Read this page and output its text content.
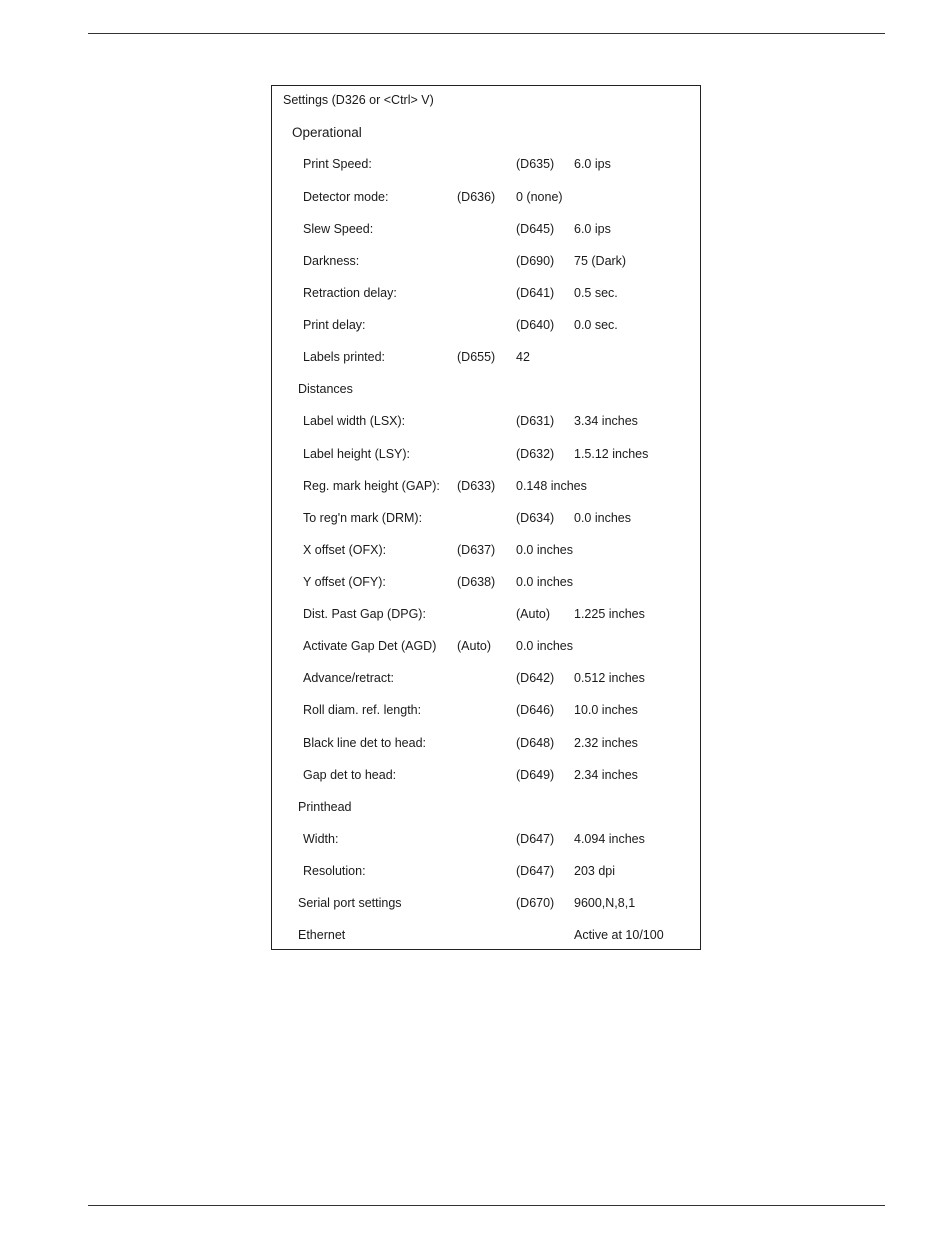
Settings (D326 or <Ctrl> V)
Operational
Print Speed:	(D635) 6.0 ips
Detector mode:	(D636) 0 (none)
Slew Speed:	(D645) 6.0 ips
Darkness:	(D690) 75 (Dark)
Retraction delay:	(D641) 0.5 sec.
Print delay:	(D640) 0.0 sec.
Labels printed:	(D655) 42
Distances
Label width (LSX):	(D631) 3.34 inches
Label height (LSY):	(D632) 1.5.12 inches
Reg. mark height (GAP): (D633) 0.148 inches
To reg'n mark (DRM):	(D634) 0.0 inches
X offset (OFX):	(D637) 0.0 inches
Y offset (OFY):	(D638) 0.0 inches
Dist. Past Gap (DPG):	(Auto) 1.225 inches
Activate Gap Det (AGD) (Auto) 0.0 inches
Advance/retract:	(D642) 0.512 inches
Roll diam. ref. length:	(D646) 10.0 inches
Black line det to head:	(D648) 2.32 inches
Gap det to head:	(D649) 2.34 inches
Printhead
Width:	(D647) 4.094 inches
Resolution:	(D647) 203 dpi
Serial port settings	(D670) 9600,N,8,1
Ethernet	Active at 10/100
